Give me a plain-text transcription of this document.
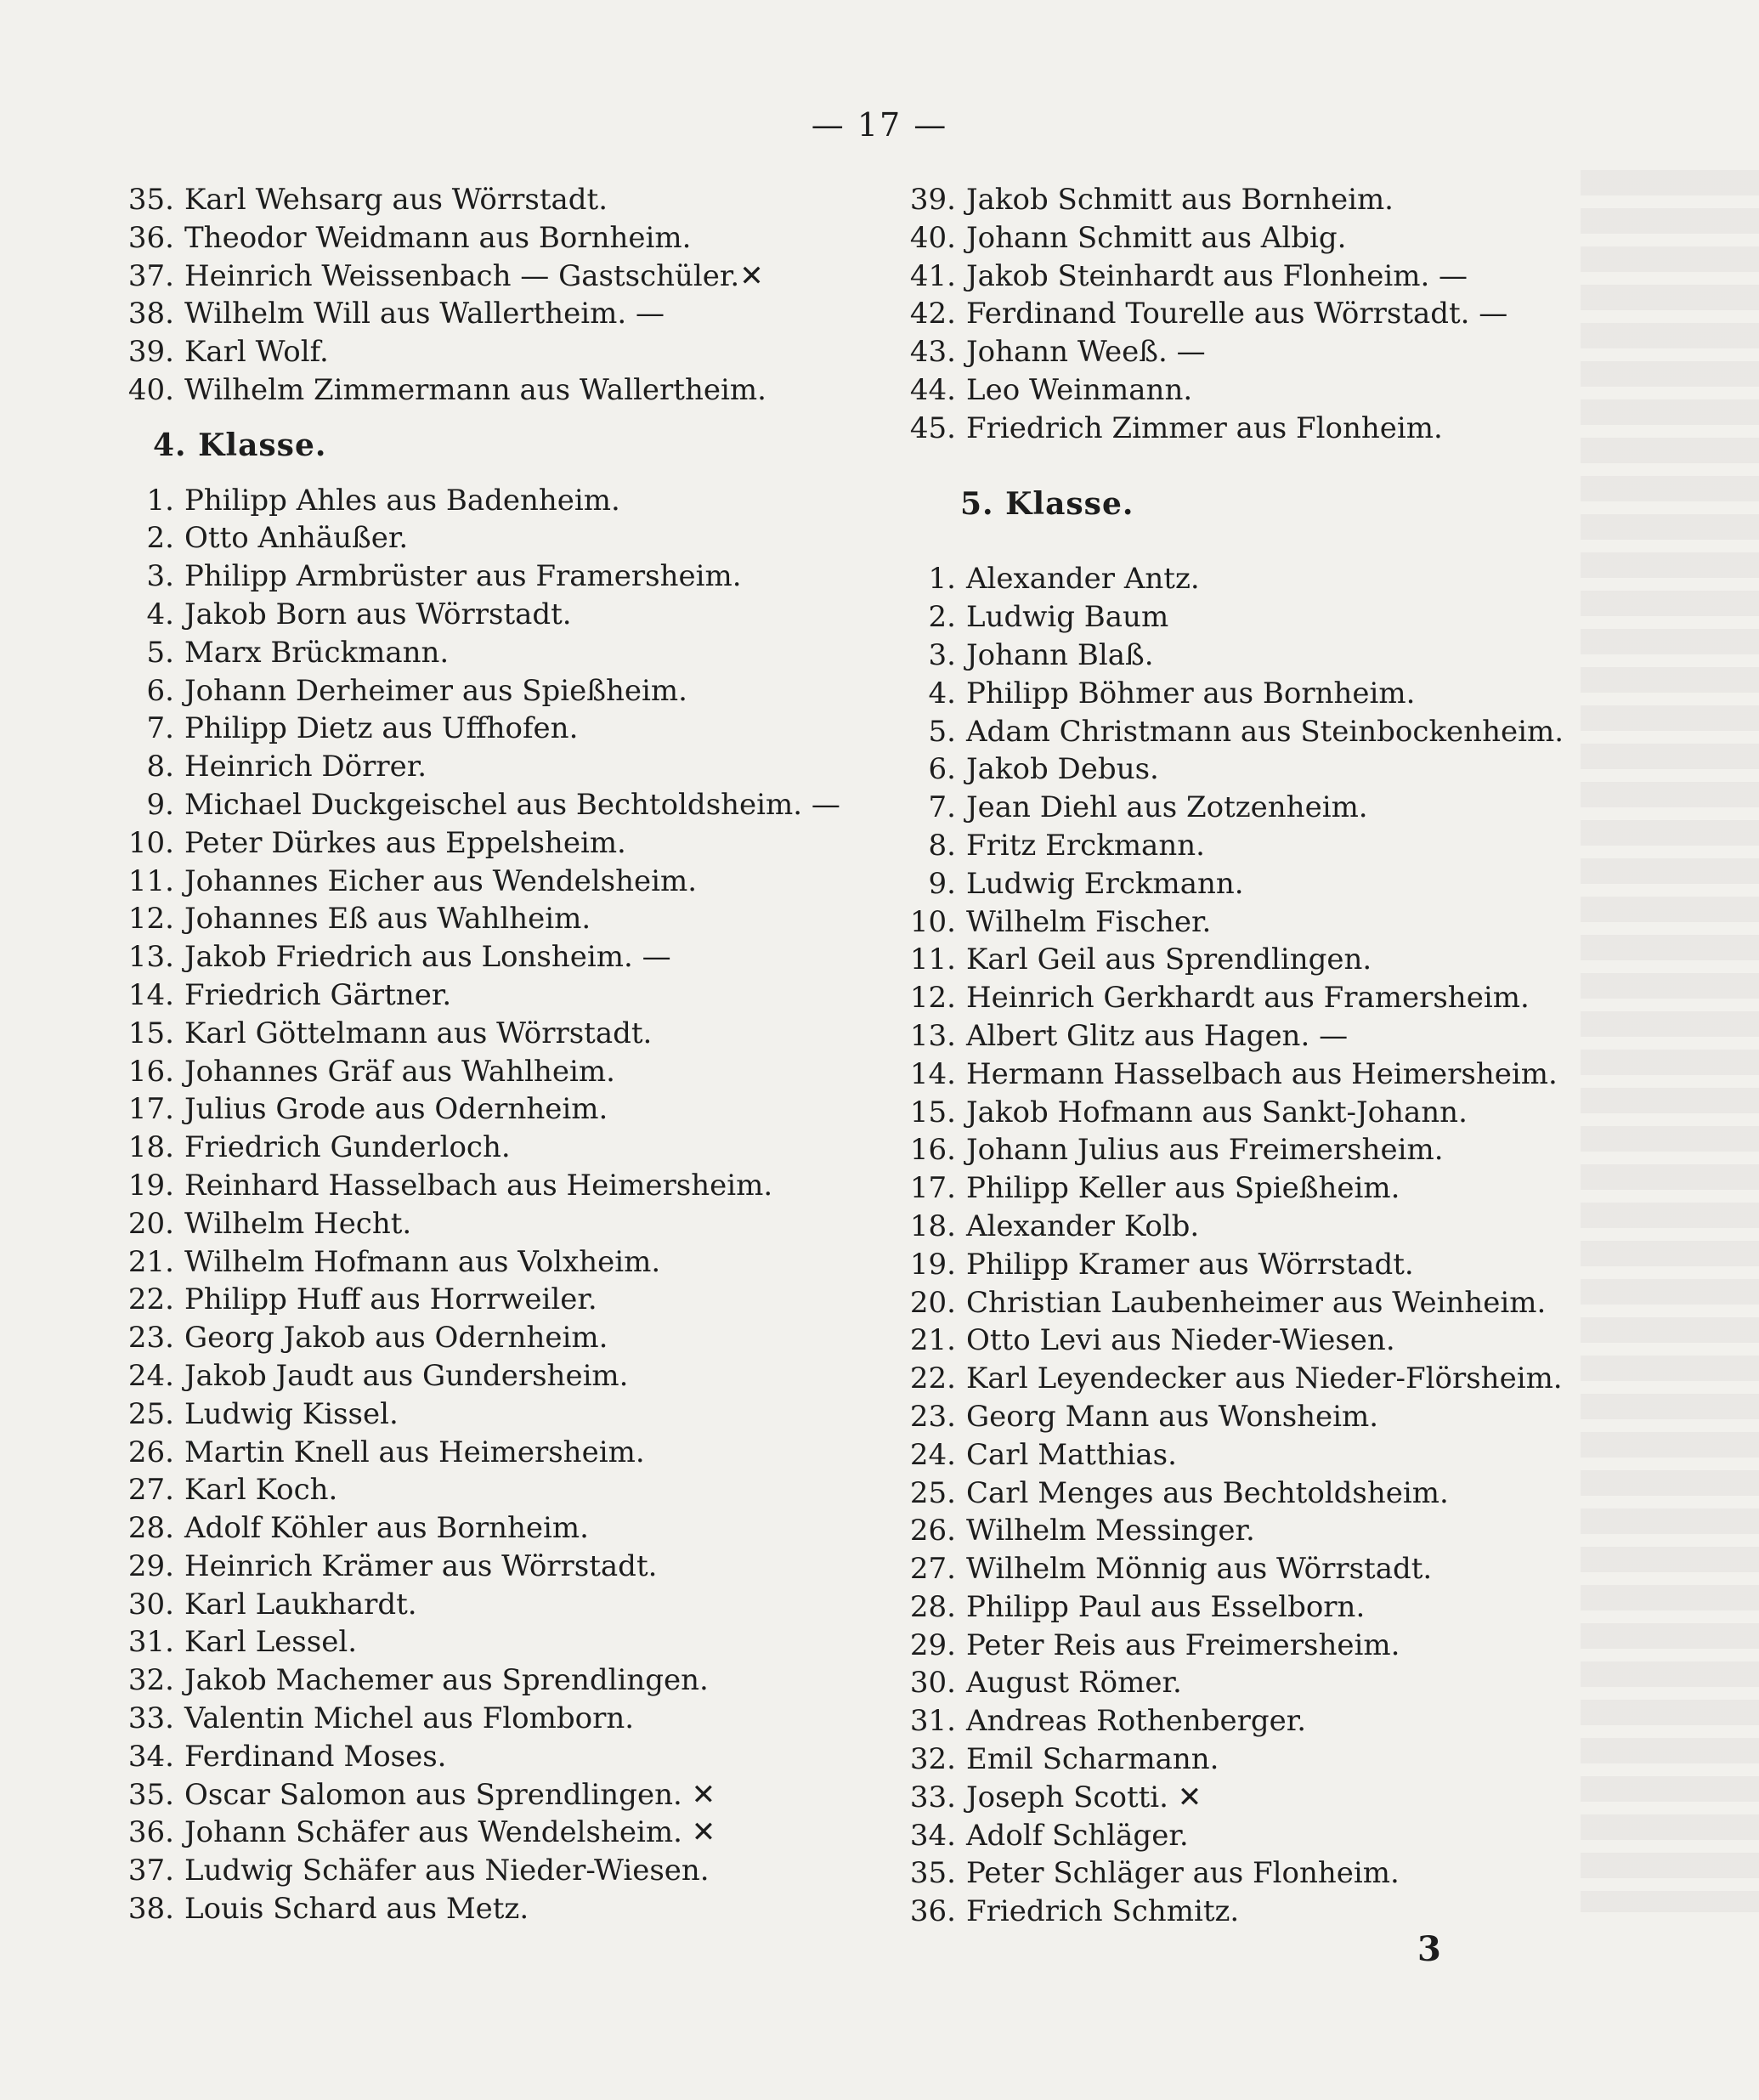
— 17 —
35. Karl Wehsarg aus Wörrstadt.
36. Theodor Weidmann aus Bornheim.
37. Heinrich Weissenbach — Gastschüler.✕
38. Wilhelm Will aus Wallertheim. —
39. Karl Wolf.
40. Wilhelm Zimmermann aus Wallertheim.
4. Klasse.
1. Philipp Ahles aus Badenheim.
2. Otto Anhäußer.
3. Philipp Armbrüster aus Framersheim.
4. Jakob Born aus Wörrstadt.
5. Marx Brückmann.
6. Johann Derheimer aus Spießheim.
7. Philipp Dietz aus Uffhofen.
8. Heinrich Dörrer.
9. Michael Duckgeischel aus Bechtoldsheim. —
10. Peter Dürkes aus Eppelsheim.
11. Johannes Eicher aus Wendelsheim.
12. Johannes Eß aus Wahlheim.
13. Jakob Friedrich aus Lonsheim. —
14. Friedrich Gärtner.
15. Karl Göttelmann aus Wörrstadt.
16. Johannes Gräf aus Wahlheim.
17. Julius Grode aus Odernheim.
18. Friedrich Gunderloch.
19. Reinhard Hasselbach aus Heimersheim.
20. Wilhelm Hecht.
21. Wilhelm Hofmann aus Volxheim.
22. Philipp Huff aus Horrweiler.
23. Georg Jakob aus Odernheim.
24. Jakob Jaudt aus Gundersheim.
25. Ludwig Kissel.
26. Martin Knell aus Heimersheim.
27. Karl Koch.
28. Adolf Köhler aus Bornheim.
29. Heinrich Krämer aus Wörrstadt.
30. Karl Laukhardt.
31. Karl Lessel.
32. Jakob Machemer aus Sprendlingen.
33. Valentin Michel aus Flomborn.
34. Ferdinand Moses.
35. Oscar Salomon aus Sprendlingen. ✕
36. Johann Schäfer aus Wendelsheim. ✕
37. Ludwig Schäfer aus Nieder-Wiesen.
38. Louis Schard aus Metz.
39. Jakob Schmitt aus Bornheim.
40. Johann Schmitt aus Albig.
41. Jakob Steinhardt aus Flonheim. —
42. Ferdinand Tourelle aus Wörrstadt. —
43. Johann Weeß. —
44. Leo Weinmann.
45. Friedrich Zimmer aus Flonheim.
5. Klasse.
1. Alexander Antz.
2. Ludwig Baum
3. Johann Blaß.
4. Philipp Böhmer aus Bornheim.
5. Adam Christmann aus Steinbockenheim.
6. Jakob Debus.
7. Jean Diehl aus Zotzenheim.
8. Fritz Erckmann.
9. Ludwig Erckmann.
10. Wilhelm Fischer.
11. Karl Geil aus Sprendlingen.
12. Heinrich Gerkhardt aus Framersheim.
13. Albert Glitz aus Hagen. —
14. Hermann Hasselbach aus Heimersheim.
15. Jakob Hofmann aus Sankt-Johann.
16. Johann Julius aus Freimersheim.
17. Philipp Keller aus Spießheim.
18. Alexander Kolb.
19. Philipp Kramer aus Wörrstadt.
20. Christian Laubenheimer aus Weinheim.
21. Otto Levi aus Nieder-Wiesen.
22. Karl Leyendecker aus Nieder-Flörsheim.
23. Georg Mann aus Wonsheim.
24. Carl Matthias.
25. Carl Menges aus Bechtoldsheim.
26. Wilhelm Messinger.
27. Wilhelm Mönnig aus Wörrstadt.
28. Philipp Paul aus Esselborn.
29. Peter Reis aus Freimersheim.
30. August Römer.
31. Andreas Rothenberger.
32. Emil Scharmann.
33. Joseph Scotti. ✕
34. Adolf Schläger.
35. Peter Schläger aus Flonheim.
36. Friedrich Schmitz.
3
